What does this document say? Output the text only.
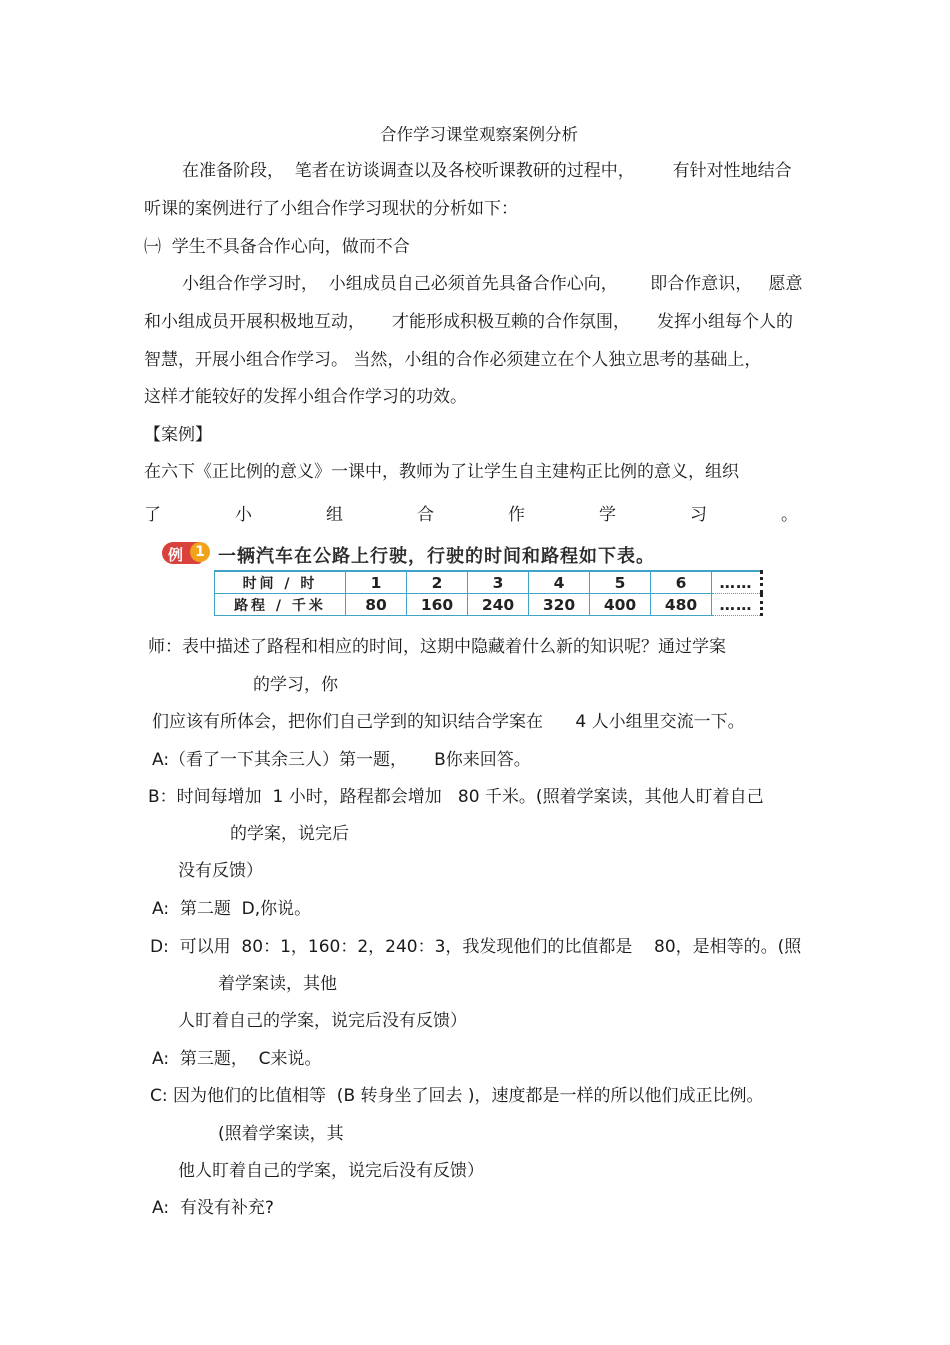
合作学习课堂观察案例分析
在准备阶段，  笔者在访谈调查以及各校听课教研的过程中，       有针对性地结合
听课的案例进行了小组合作学习现状的分析如下：
㈠  学生不具备合作心向，做而不合
小组合作学习时，  小组成员自己必须首先具备合作心向，      即合作意识，   愿意
和小组成员开展积极地互动，     才能形成积极互赖的合作氛围，     发挥小组每个人的
智慧，开展小组合作学习。 当然，小组的合作必须建立在个人独立思考的基础上，
这样才能较好的发挥小组合作学习的功效。
【案例】
在六下《正比例的意义》一课中，教师为了让学生自主建构正比例的意义，组织
了	小	组	合	作	学	习	。
例 1 一辆汽车在公路上行驶，行驶的时间和路程如下表。
时间 / 时	1	2	3	4	5	6	……
路程 / 千米	80	160	240	320	400	480	……
师：表中描述了路程和相应的时间，这期中隐藏着什么新的知识呢？通过学案
的学习，你
们应该有所体会，把你们自己学到的知识结合学案在      4 人小组里交流一下。
A:（看了一下其余三人）第一题，     B你来回答。
B：时间每增加  1 小时，路程都会增加   80 千米。(照着学案读，其他人盯着自己
的学案，说完后
没有反馈）
A:  第二题  D,你说。
D:  可以用  80：1，160：2，240：3，我发现他们的比值都是    80，是相等的。(照
着学案读，其他
人盯着自己的学案，说完后没有反馈）
A:  第三题，  C来说。
C: 因为他们的比值相等  (B 转身坐了回去 )，速度都是一样的所以他们成正比例。
(照着学案读，其
他人盯着自己的学案，说完后没有反馈）
A:  有没有补充?
